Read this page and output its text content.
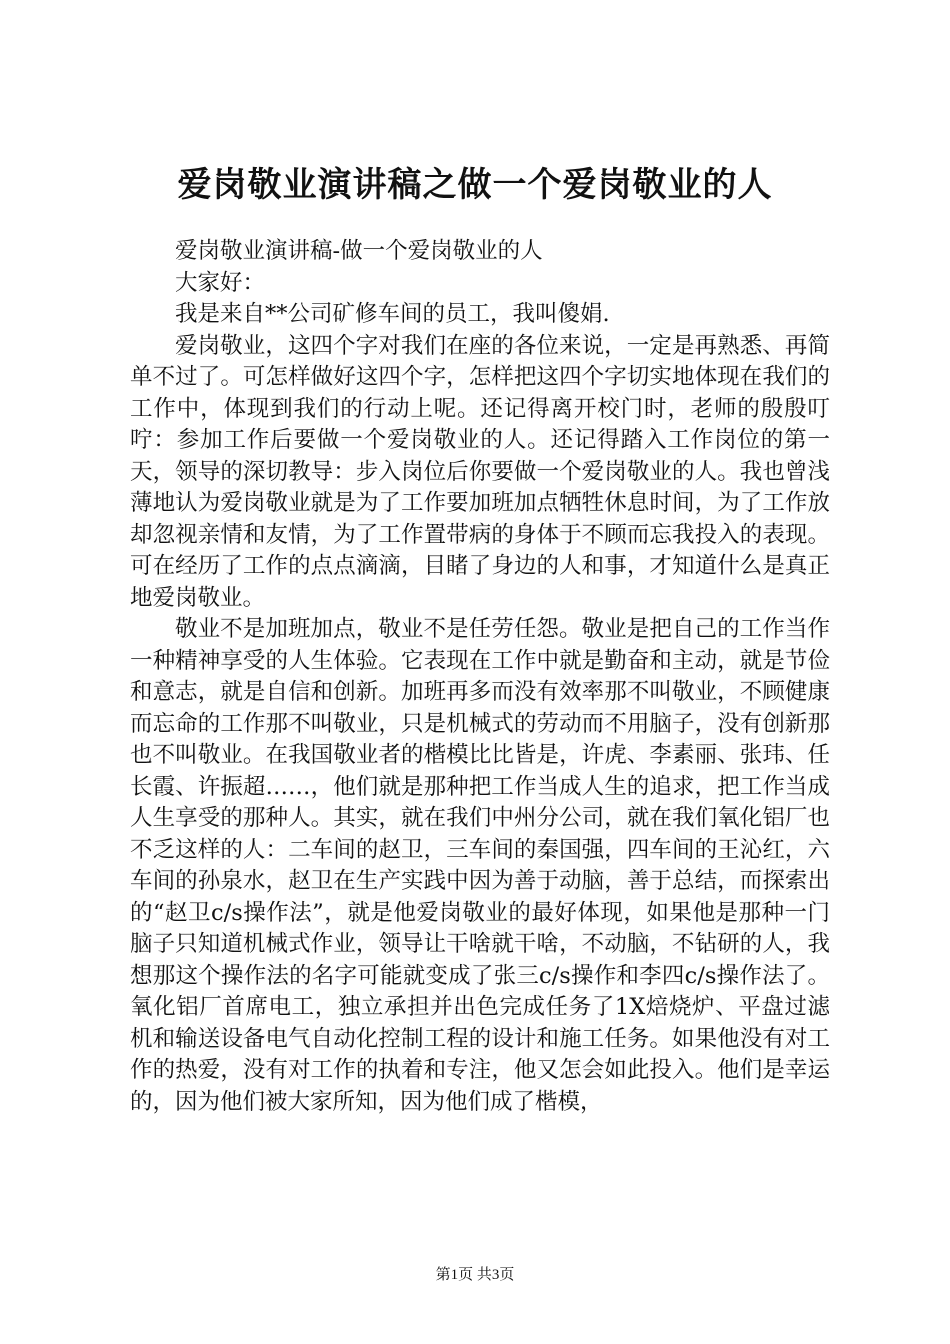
爱岗敬业演讲稿之做一个爱岗敬业的人

爱岗敬业演讲稿-做一个爱岗敬业的人

大家好：

我是来自**公司矿修车间的员工，我叫傻娟.

爱岗敬业，这四个字对我们在座的各位来说，一定是再熟悉、再简单不过了。可怎样做好这四个字，怎样把这四个字切实地体现在我们的工作中，体现到我们的行动上呢。还记得离开校门时，老师的殷殷叮咛：参加工作后要做一个爱岗敬业的人。还记得踏入工作岗位的第一天，领导的深切教导：步入岗位后你要做一个爱岗敬业的人。我也曾浅薄地认为爱岗敬业就是为了工作要加班加点牺牲休息时间，为了工作放却忽视亲情和友情，为了工作置带病的身体于不顾而忘我投入的表现。可在经历了工作的点点滴滴，目睹了身边的人和事，才知道什么是真正地爱岗敬业。

敬业不是加班加点，敬业不是任劳任怨。敬业是把自己的工作当作一种精神享受的人生体验。它表现在工作中就是勤奋和主动，就是节俭和意志，就是自信和创新。加班再多而没有效率那不叫敬业，不顾健康而忘命的工作那不叫敬业，只是机械式的劳动而不用脑子，没有创新那也不叫敬业。在我国敬业者的楷模比比皆是，许虎、李素丽、张玮、任长霞、许振超……，他们就是那种把工作当成人生的追求，把工作当成人生享受的那种人。其实，就在我们中州分公司，就在我们氧化铝厂也不乏这样的人：二车间的赵卫，三车间的秦国强，四车间的王沁红，六车间的孙泉水，赵卫在生产实践中因为善于动脑，善于总结，而探索出的“赵卫c/s操作法”，就是他爱岗敬业的最好体现，如果他是那种一门脑子只知道机械式作业，领导让干啥就干啥，不动脑，不钻研的人，我想那这个操作法的名字可能就变成了张三c/s操作和李四c/s操作法了。氧化铝厂首席电工，独立承担并出色完成任务了1X焙烧炉、平盘过滤机和输送设备电气自动化控制工程的设计和施工任务。如果他没有对工作的热爱，没有对工作的执着和专注，他又怎会如此投入。他们是幸运的，因为他们被大家所知，因为他们成了楷模，

第1页 共3页
